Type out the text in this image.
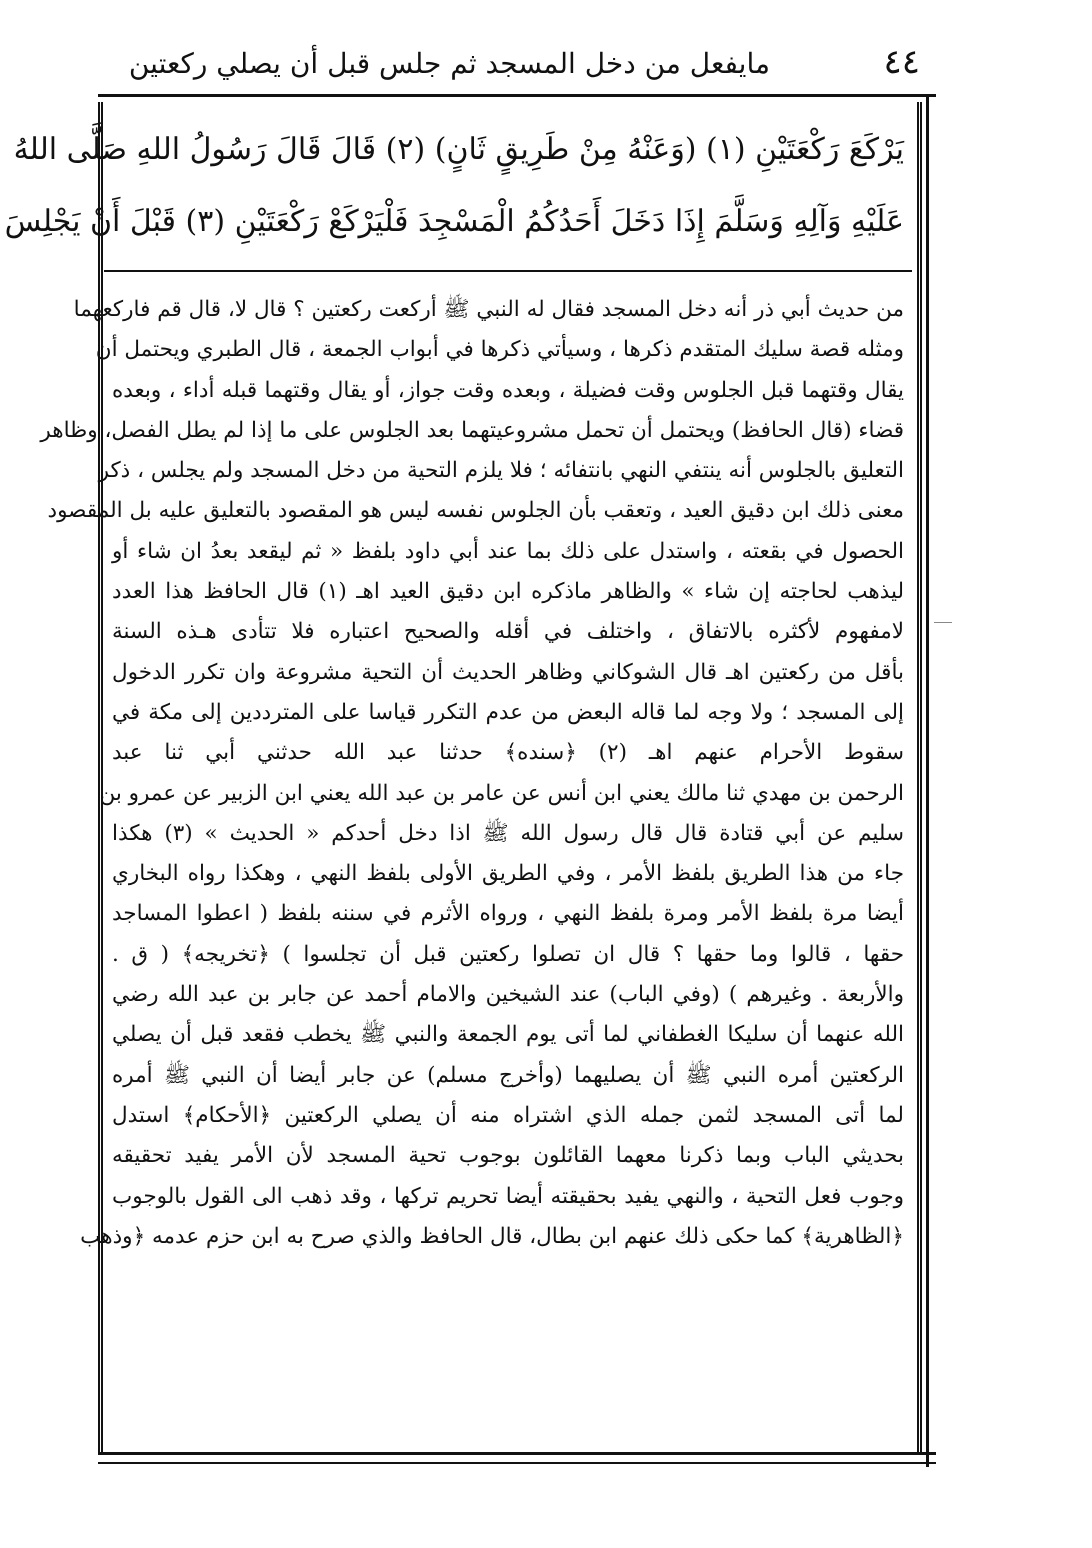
٤٤
مايفعل من دخل المسجد ثم جلس قبل أن يصلي ركعتين
يَرْكَعَ رَكْعَتَيْنِ (١) (وَعَنْهُ مِنْ طَرِيقٍ ثَانٍ) (٢) قَالَ قَالَ رَسُولُ اللهِ صَلَّى اللهُ
عَلَيْهِ وَآلِهِ وَسَلَّمَ إِذَا دَخَلَ أَحَدُكُمُ الْمَسْجِدَ فَلْيَرْكَعْ رَكْعَتَيْنِ (٣) قَبْلَ أَنْ يَجْلِسَ
من حديث أبي ذر أنه دخل المسجد فقال له النبي ﷺ أركعت ركعتين ؟ قال لا، قال قم فاركعهما
ومثله قصة سليك المتقدم ذكرها ، وسيأتي ذكرها في أبواب الجمعة ، قال الطبري ويحتمل أن
يقال وقتهما قبل الجلوس وقت فضيلة ، وبعده وقت جواز، أو يقال وقتهما قبله أداء ، وبعده
قضاء (قال الحافظ) ويحتمل أن تحمل مشروعيتهما بعد الجلوس على ما إذا لم يطل الفصل، وظاهر
التعليق بالجلوس أنه ينتفي النهي بانتفائه ؛ فلا يلزم التحية من دخل المسجد ولم يجلس ، ذكر
معنى ذلك ابن دقيق العيد ، وتعقب بأن الجلوس نفسه ليس هو المقصود بالتعليق عليه بل المقصود
الحصول في بقعته ، واستدل على ذلك بما عند أبي داود بلفظ « ثم ليقعد بعدُ ان شاء أو
ليذهب لحاجته إن شاء » والظاهر ماذكره ابن دقيق العيد اهـ (١) قال الحافظ هذا العدد
لامفهوم لأكثره بالاتفاق ، واختلف في أقله والصحيح اعتباره فلا تتأدى هـذه السنة
بأقل من ركعتين اهـ قال الشوكاني وظاهر الحديث أن التحية مشروعة وان تكرر الدخول
إلى المسجد ؛ ولا وجه لما قاله البعض من عدم التكرر قياسا على المترددين إلى مكة في
سقوط الأحرام عنهم اهـ (٢) ﴿سنده﴾ حدثنا عبد الله حدثني أبي ثنا عبد
الرحمن بن مهدي ثنا مالك يعني ابن أنس عن عامر بن عبد الله يعني ابن الزبير عن عمرو بن
سليم عن أبي قتادة قال قال رسول الله ﷺ اذا دخل أحدكم « الحديث » (٣) هكذا
جاء من هذا الطريق بلفظ الأمر ، وفي الطريق الأولى بلفظ النهي ، وهكذا رواه البخاري
أيضا مرة بلفظ الأمر ومرة بلفظ النهي ، ورواه الأثرم في سننه بلفظ ( اعطوا المساجد
حقها ، قالوا وما حقها ؟ قال ان تصلوا ركعتين قبل أن تجلسوا ) ﴿تخريجه﴾ ( ق .
والأربعة . وغيرهم ) (وفي الباب) عند الشيخين والامام أحمد عن جابر بن عبد الله رضي
الله عنهما أن سليكا الغطفاني لما أتى يوم الجمعة والنبي ﷺ يخطب فقعد قبل أن يصلي
الركعتين أمره النبي ﷺ أن يصليهما (وأخرج مسلم) عن جابر أيضا أن النبي ﷺ أمره
لما أتى المسجد لثمن جمله الذي اشتراه منه أن يصلي الركعتين ﴿الأحكام﴾ استدل
بحديثي الباب وبما ذكرنا معهما القائلون بوجوب تحية المسجد لأن الأمر يفيد تحقيقه
وجوب فعل التحية ، والنهي يفيد بحقيقته أيضا تحريم تركها ، وقد ذهب الى القول بالوجوب
﴿الظاهرية﴾ كما حكى ذلك عنهم ابن بطال، قال الحافظ والذي صرح به ابن حزم عدمه ﴿وذهب
